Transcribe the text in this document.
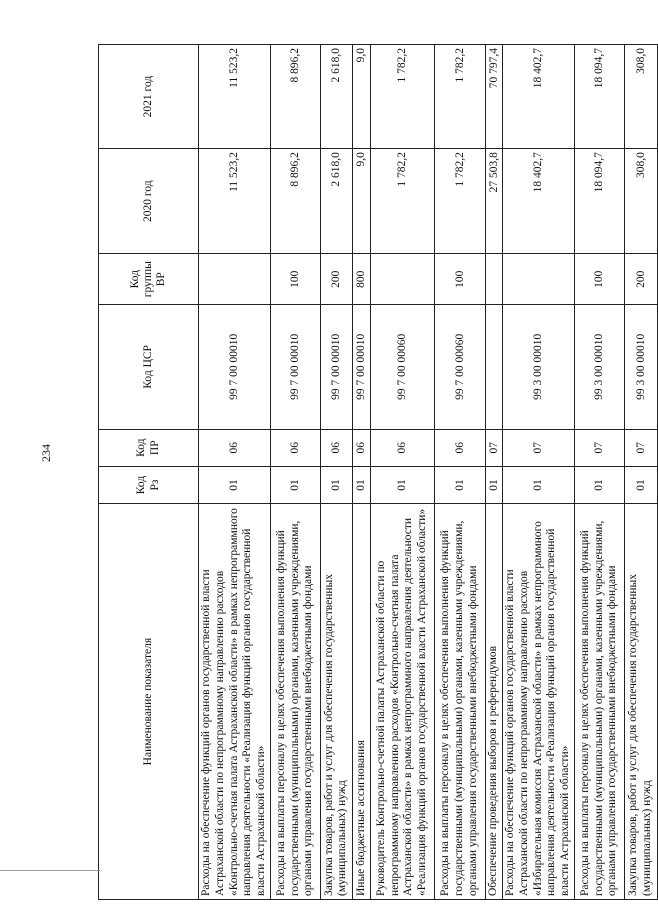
234
Наименование показателя	Код Рз	Код ПР	Код ЦСР	Код группы ВР	2020 год	2021 год
Расходы на обеспечение функций органов государственной власти Астраханской области по непрограммному направлению расходов «Контрольно-счетная палата Астраханской области» в рамках непрограммного направления деятельности «Реализация функций органов государственной власти Астраханской области»	01	06	99 7 00 00010		11 523,2	11 523,2
Расходы на выплаты персоналу в целях обеспечения выполнения функций государственными (муниципальными) органами, казенными учреждениями, органами управления государственными внебюджетными фондами	01	06	99 7 00 00010	100	8 896,2	8 896,2
Закупка товаров, работ и услуг для обеспечения государственных (муниципальных) нужд	01	06	99 7 00 00010	200	2 618,0	2 618,0
Иные бюджетные ассигнования	01	06	99 7 00 00010	800	9,0	9,0
Руководитель Контрольно-счетной палаты Астраханской области по непрограммному направлению расходов «Контрольно-счетная палата Астраханской области» в рамках непрограммного направления деятельности «Реализация функций органов государственной власти Астраханской области»	01	06	99 7 00 00060		1 782,2	1 782,2
Расходы на выплаты персоналу в целях обеспечения выполнения функций государственными (муниципальными) органами, казенными учреждениями, органами управления государственными внебюджетными фондами	01	06	99 7 00 00060	100	1 782,2	1 782,2
Обеспечение проведения выборов и референдумов	01	07			27 503,8	70 797,4
Расходы на обеспечение функций органов государственной власти Астраханской области по непрограммному направлению расходов «Избирательная комиссия Астраханской области» в рамках непрограммного направления деятельности «Реализация функций органов государственной власти Астраханской области»	01	07	99 3 00 00010		18 402,7	18 402,7
Расходы на выплаты персоналу в целях обеспечения выполнения функций государственными (муниципальными) органами, казенными учреждениями, органами управления государственными внебюджетными фондами	01	07	99 3 00 00010	100	18 094,7	18 094,7
Закупка товаров, работ и услуг для обеспечения государственных (муниципальных) нужд	01	07	99 3 00 00010	200	308,0	308,0
